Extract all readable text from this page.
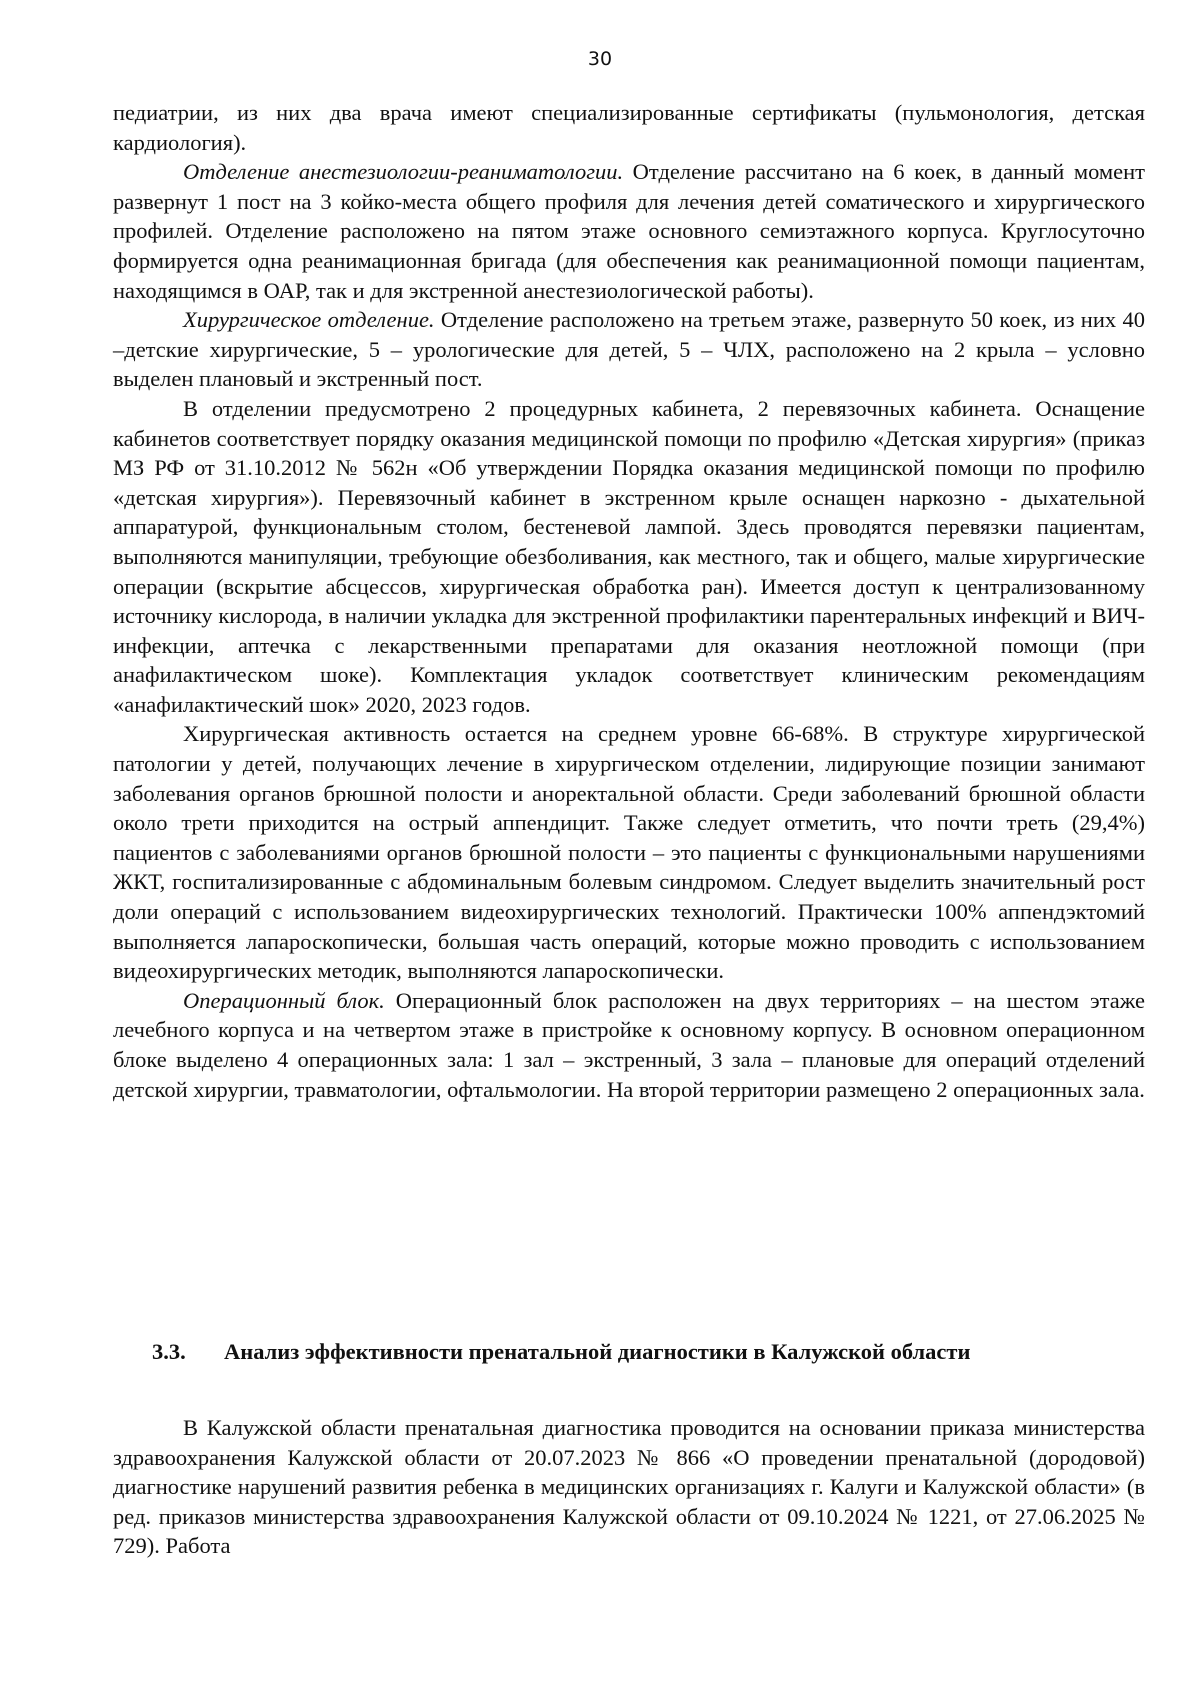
30

педиатрии, из них два врача имеют специализированные сертификаты (пульмонология, детская кардиология).

Отделение анестезиологии-реаниматологии. Отделение рассчитано на 6 коек, в данный момент развернут 1 пост на 3 койко-места общего профиля для лечения детей соматического и хирургического профилей. Отделение расположено на пятом этаже основного семиэтажного корпуса. Круглосуточно формируется одна реанимационная бригада (для обеспечения как реанимационной помощи пациентам, находящимся в ОАР, так и для экстренной анестезиологической работы).

Хирургическое отделение. Отделение расположено на третьем этаже, развернуто 50 коек, из них 40 –детские хирургические, 5 – урологические для детей, 5 – ЧЛХ, расположено на 2 крыла – условно выделен плановый и экстренный пост.

В отделении предусмотрено 2 процедурных кабинета, 2 перевязочных кабинета. Оснащение кабинетов соответствует порядку оказания медицинской помощи по профилю «Детская хирургия» (приказ МЗ РФ от 31.10.2012 № 562н «Об утверждении Порядка оказания медицинской помощи по профилю «детская хирургия»). Перевязочный кабинет в экстренном крыле оснащен наркозно - дыхательной аппаратурой, функциональным столом, бестеневой лампой. Здесь проводятся перевязки пациентам, выполняются манипуляции, требующие обезболивания, как местного, так и общего, малые хирургические операции (вскрытие абсцессов, хирургическая обработка ран). Имеется доступ к централизованному источнику кислорода, в наличии укладка для экстренной профилактики парентеральных инфекций и ВИЧ-инфекции, аптечка с лекарственными препаратами для оказания неотложной помощи (при анафилактическом шоке). Комплектация укладок соответствует клиническим рекомендациям «анафилактический шок» 2020, 2023 годов.

Хирургическая активность остается на среднем уровне 66-68%. В структуре хирургической патологии у детей, получающих лечение в хирургическом отделении, лидирующие позиции занимают заболевания органов брюшной полости и аноректальной области. Среди заболеваний брюшной области около трети приходится на острый аппендицит. Также следует отметить, что почти треть (29,4%) пациентов с заболеваниями органов брюшной полости – это пациенты с функциональными нарушениями ЖКТ, госпитализированные с абдоминальным болевым синдромом. Следует выделить значительный рост доли операций с использованием видеохирургических технологий. Практически 100% аппендэктомий выполняется лапароскопически, большая часть операций, которые можно проводить с использованием видеохирургических методик, выполняются лапароскопически.

Операционный блок. Операционный блок расположен на двух территориях – на шестом этаже лечебного корпуса и на четвертом этаже в пристройке к основному корпусу. В основном операционном блоке выделено 4 операционных зала: 1 зал – экстренный, 3 зала – плановые для операций отделений детской хирургии, травматологии, офтальмологии. На второй территории размещено 2 операционных зала.

3.3. Анализ эффективности пренатальной диагностики в Калужской области

В Калужской области пренатальная диагностика проводится на основании приказа министерства здравоохранения Калужской области от 20.07.2023 № 866 «О проведении пренатальной (дородовой) диагностике нарушений развития ребенка в медицинских организациях г. Калуги и Калужской области» (в ред. приказов министерства здравоохранения Калужской области от 09.10.2024 № 1221, от 27.06.2025 № 729). Работа
